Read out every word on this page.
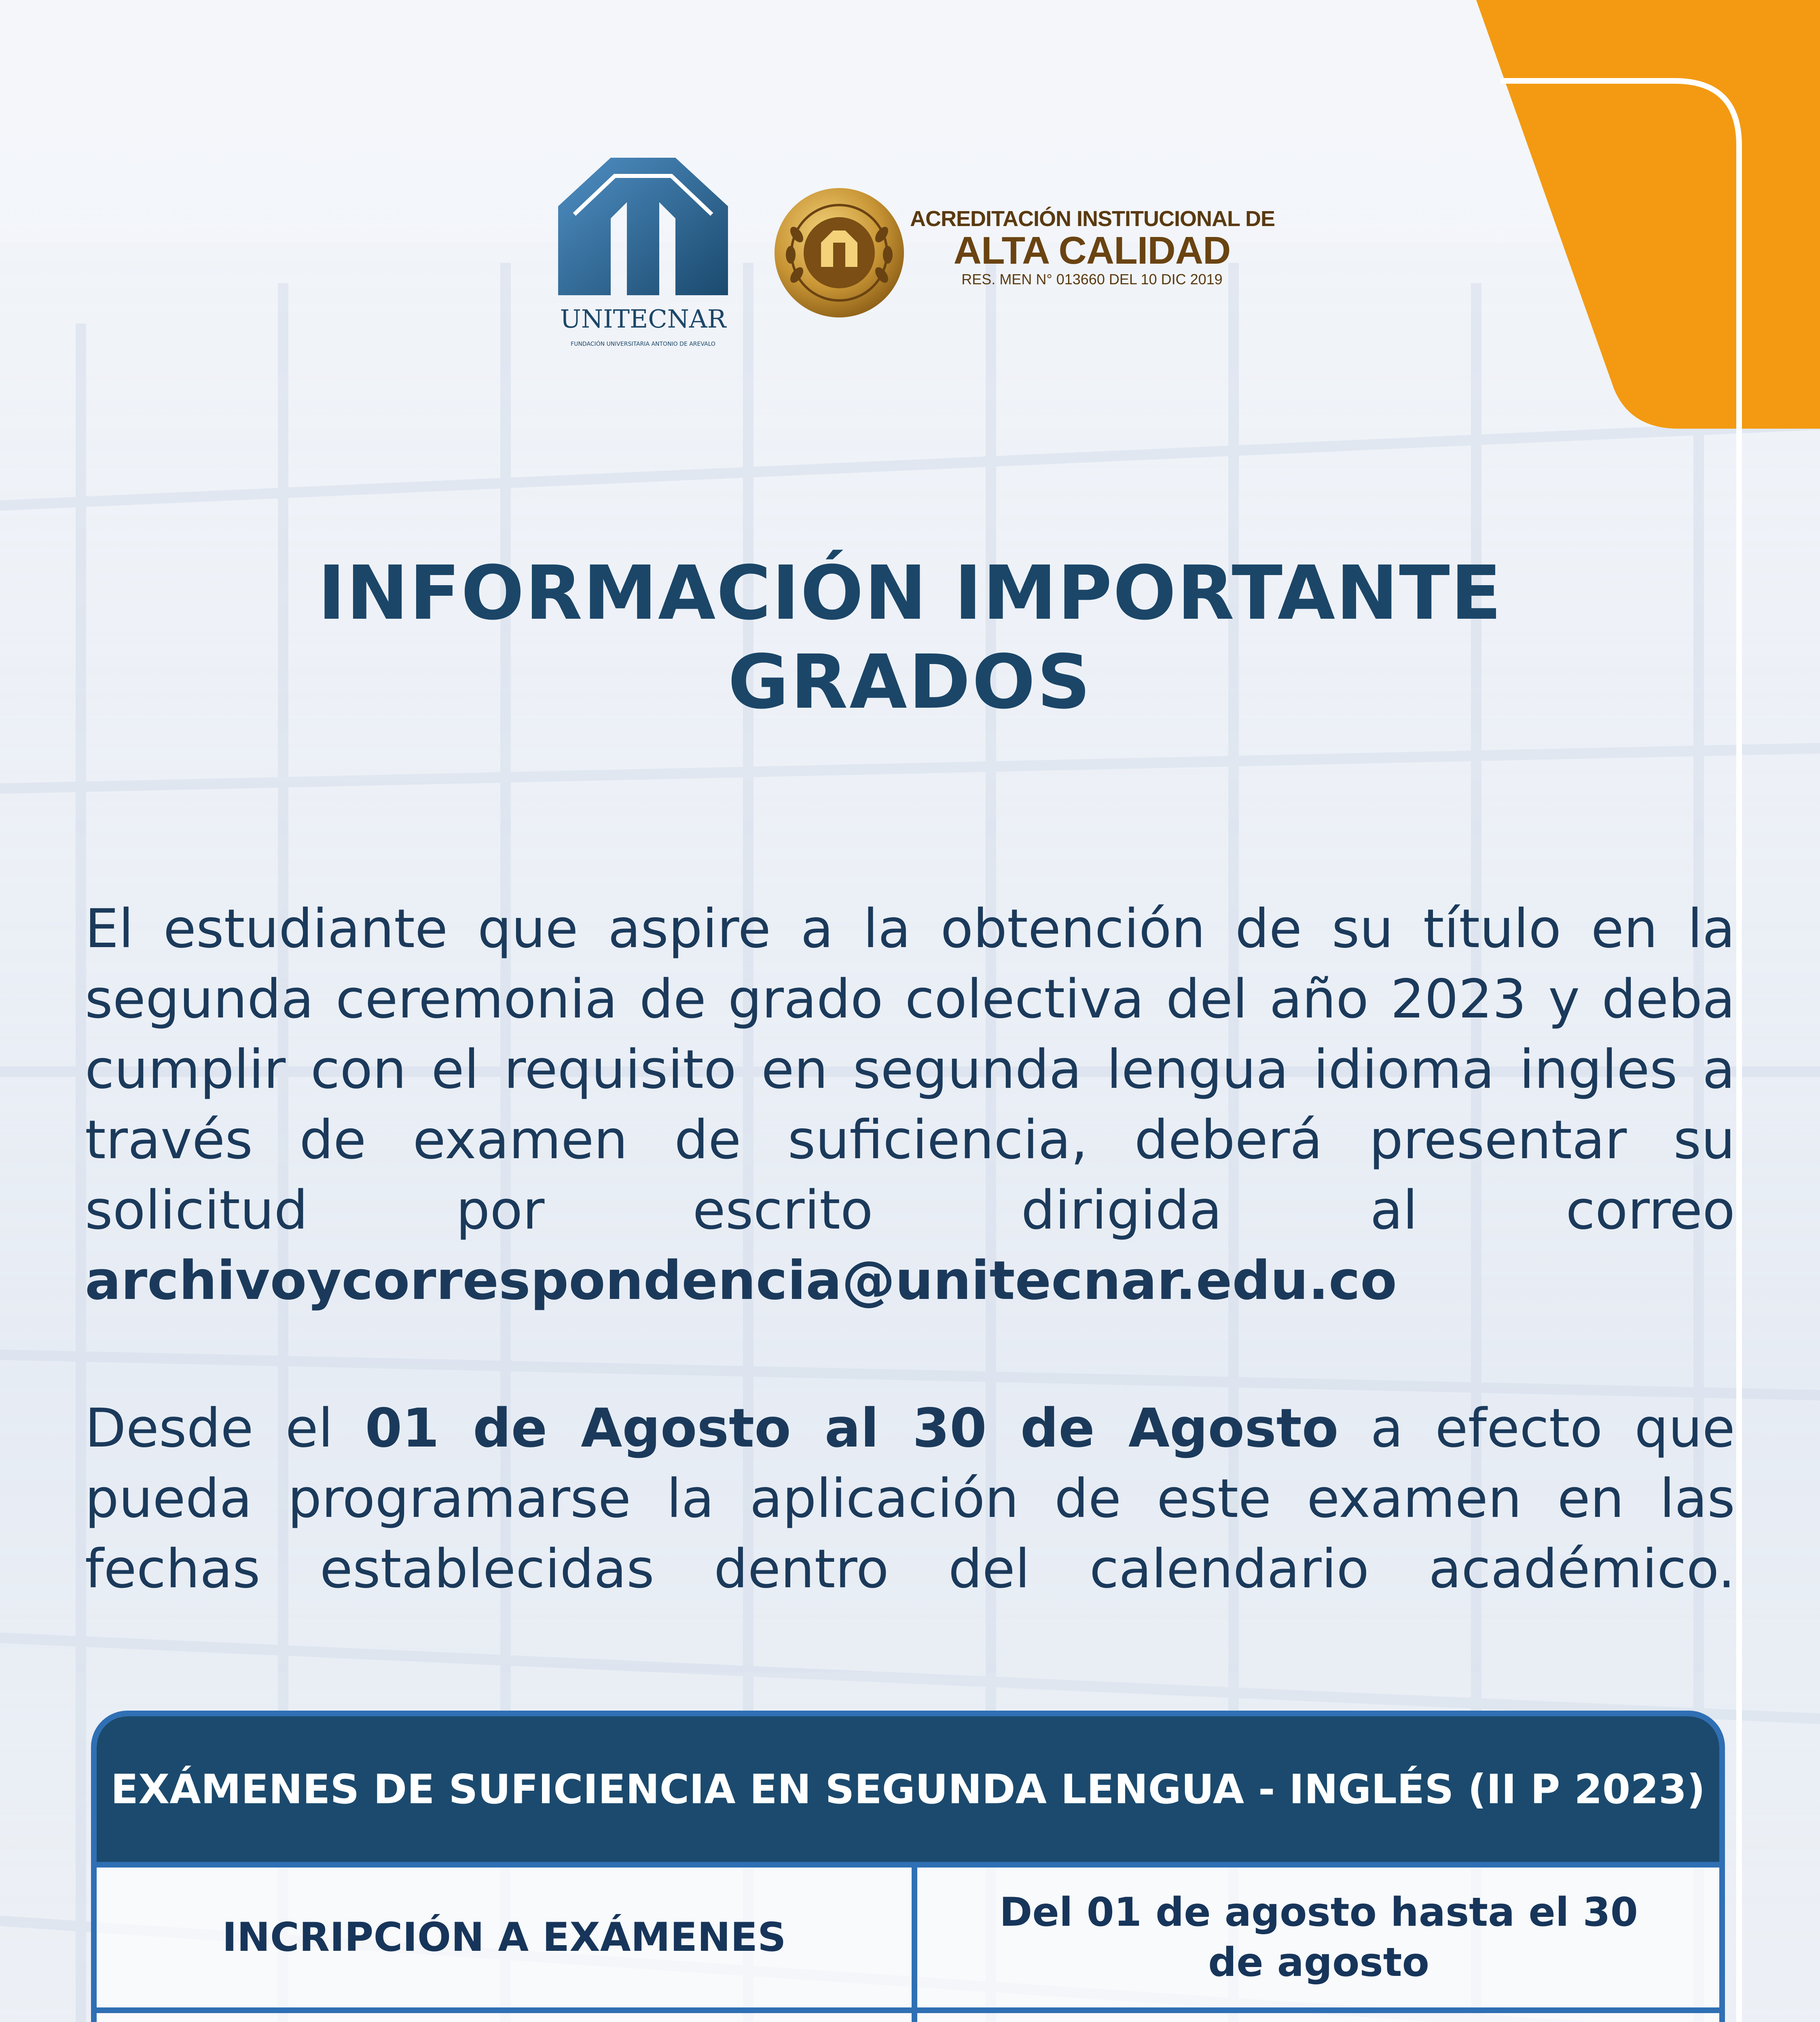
UNITECNAR
FUNDACIÓN UNIVERSITARIA ANTONIO DE AREVALO
ACREDITACIÓN INSTITUCIONAL DE
ALTA CALIDAD
RES. MEN N° 013660 DEL 10 DIC 2019
INFORMACIÓN IMPORTANTE
GRADOS
El estudiante que aspire a la obtención de su título en la segunda ceremonia de grado colectiva del año 2023 y deba cumplir con el requisito en segunda lengua idioma ingles a través de examen de suficiencia, deberá presentar su solicitud por escrito dirigida al correo archivoycorrespondencia@unitecnar.edu.co
Desde el 01 de Agosto al 30 de Agosto a efecto que pueda programarse la aplicación de este examen en las fechas establecidas dentro del calendario académico.
EXÁMENES DE SUFICIENCIA EN SEGUNDA LENGUA - INGLÉS (II P 2023)
INCRIPCIÓN A EXÁMENES
Del 01 de agosto hasta el 30 de agosto
